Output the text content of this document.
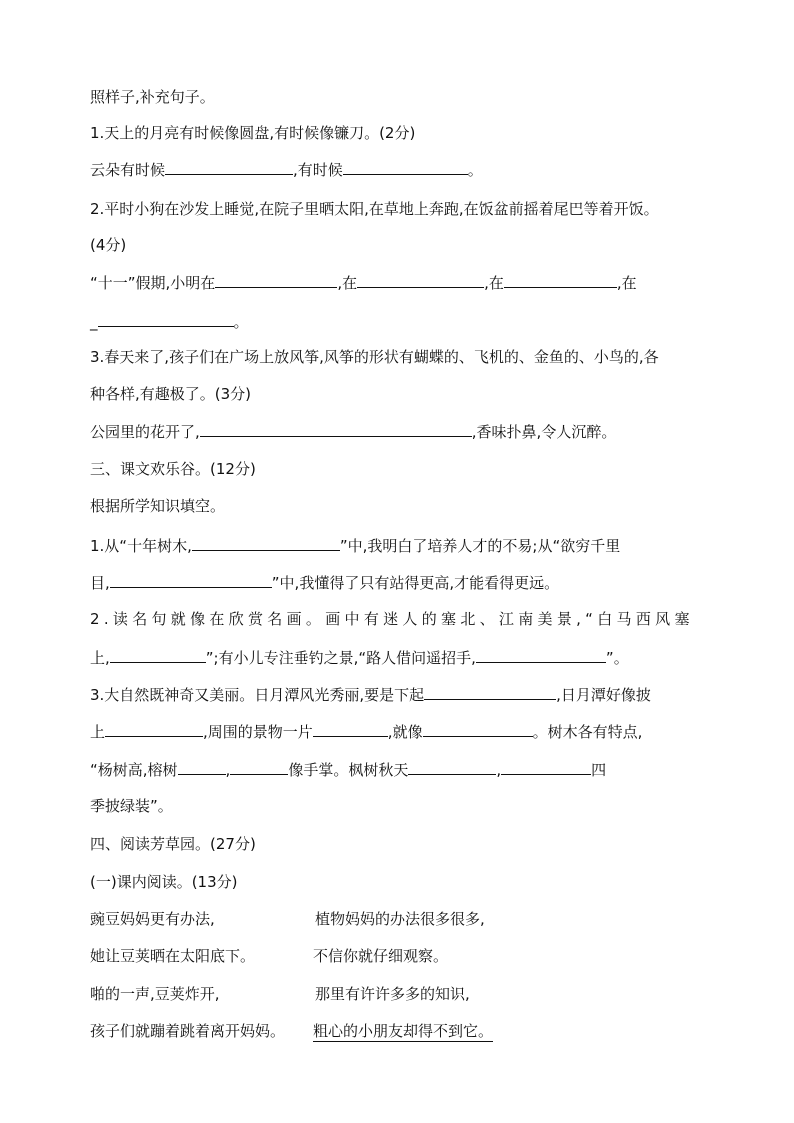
照样子,补充句子。
1.天上的月亮有时候像圆盘,有时候像镰刀。(2分)
云朵有时候	,有时候	。
2.平时小狗在沙发上睡觉,在院子里晒太阳,在草地上奔跑,在饭盆前摇着尾巴等着开饭。
(4分)
“十一”假期,小明在	,在	,在	,在
_	。
3.春天来了,孩子们在广场上放风筝,风筝的形状有蝴蝶的、飞机的、金鱼的、小鸟的,各
种各样,有趣极了。(3分)
公园里的花开了,	,香味扑鼻,令人沉醉。
三、课文欢乐谷。(12分)
根据所学知识填空。
1.从“十年树木,	”中,我明白了培养人才的不易;从“欲穷千里
目,	”中,我懂得了只有站得更高,才能看得更远。
2.读名句就像在欣赏名画。画中有迷人的塞北、江南美景,“白马西风塞
上,	”;有小儿专注垂钓之景,“路人借问遥招手,	”。
3.大自然既神奇又美丽。日月潭风光秀丽,要是下起	,日月潭好像披
上	,周围的景物一片	,就像	。树木各有特点,
“杨树高,榕树	,	像手掌。枫树秋天	,	四
季披绿装”。
四、阅读芳草园。(27分)
(一)课内阅读。(13分)
豌豆妈妈更有办法,	植物妈妈的办法很多很多,
她让豆荚晒在太阳底下。	不信你就仔细观察。
啪的一声,豆荚炸开,	那里有许许多多的知识,
孩子们就蹦着跳着离开妈妈。 粗心的小朋友却得不到它。
